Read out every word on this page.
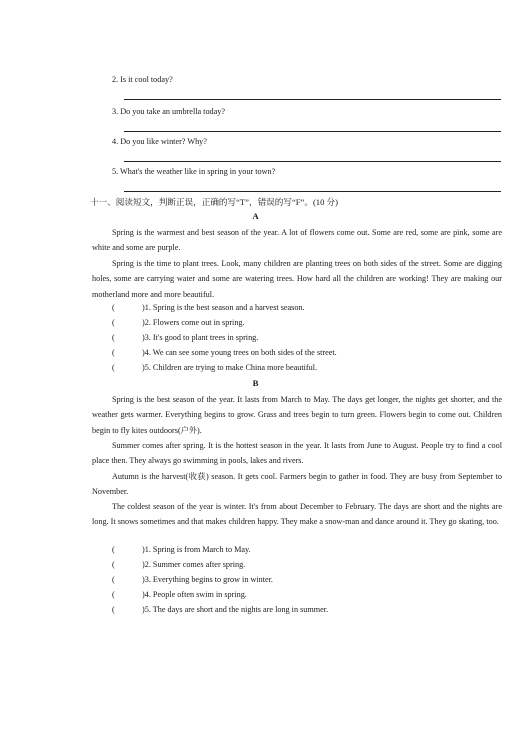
2. Is it cool today?
3. Do you take an umbrella today?
4. Do you like winter? Why?
5. What's the weather like in spring in your town?
十一、阅读短文，判断正误，正确的写“T”，错误的写“F”。(10 分)
A
Spring is the warmest and best season of the year. A lot of flowers come out. Some are red, some are pink, some are white and some are purple.
Spring is the time to plant trees. Look, many children are planting trees on both sides of the street. Some are digging holes, some are carrying water and some are watering trees. How hard all the children are working! They are making our motherland more and more beautiful.
(	)1. Spring is the best season and a harvest season.
(	)2. Flowers come out in spring.
(	)3. It's good to plant trees in spring.
(	)4. We can see some young trees on both sides of the street.
(	)5. Children are trying to make China more beautiful.
B
Spring is the best season of the year. It lasts from March to May. The days get longer, the nights get shorter, and the weather gets warmer. Everything begins to grow. Grass and trees begin to turn green. Flowers begin to come out. Children begin to fly kites outdoors(户外).
Summer comes after spring. It is the hottest season in the year. It lasts from June to August. People try to find a cool place then. They always go swimming in pools, lakes and rivers.
Autumn is the harvest(收获) season. It gets cool. Farmers begin to gather in food. They are busy from September to November.
The coldest season of the year is winter. It's from about December to February. The days are short and the nights are long. It snows sometimes and that makes children happy. They make a snow-man and dance around it. They go skating, too.
(	)1. Spring is from March to May.
(	)2. Summer comes after spring.
(	)3. Everything begins to grow in winter.
(	)4. People often swim in spring.
(	)5. The days are short and the nights are long in summer.
